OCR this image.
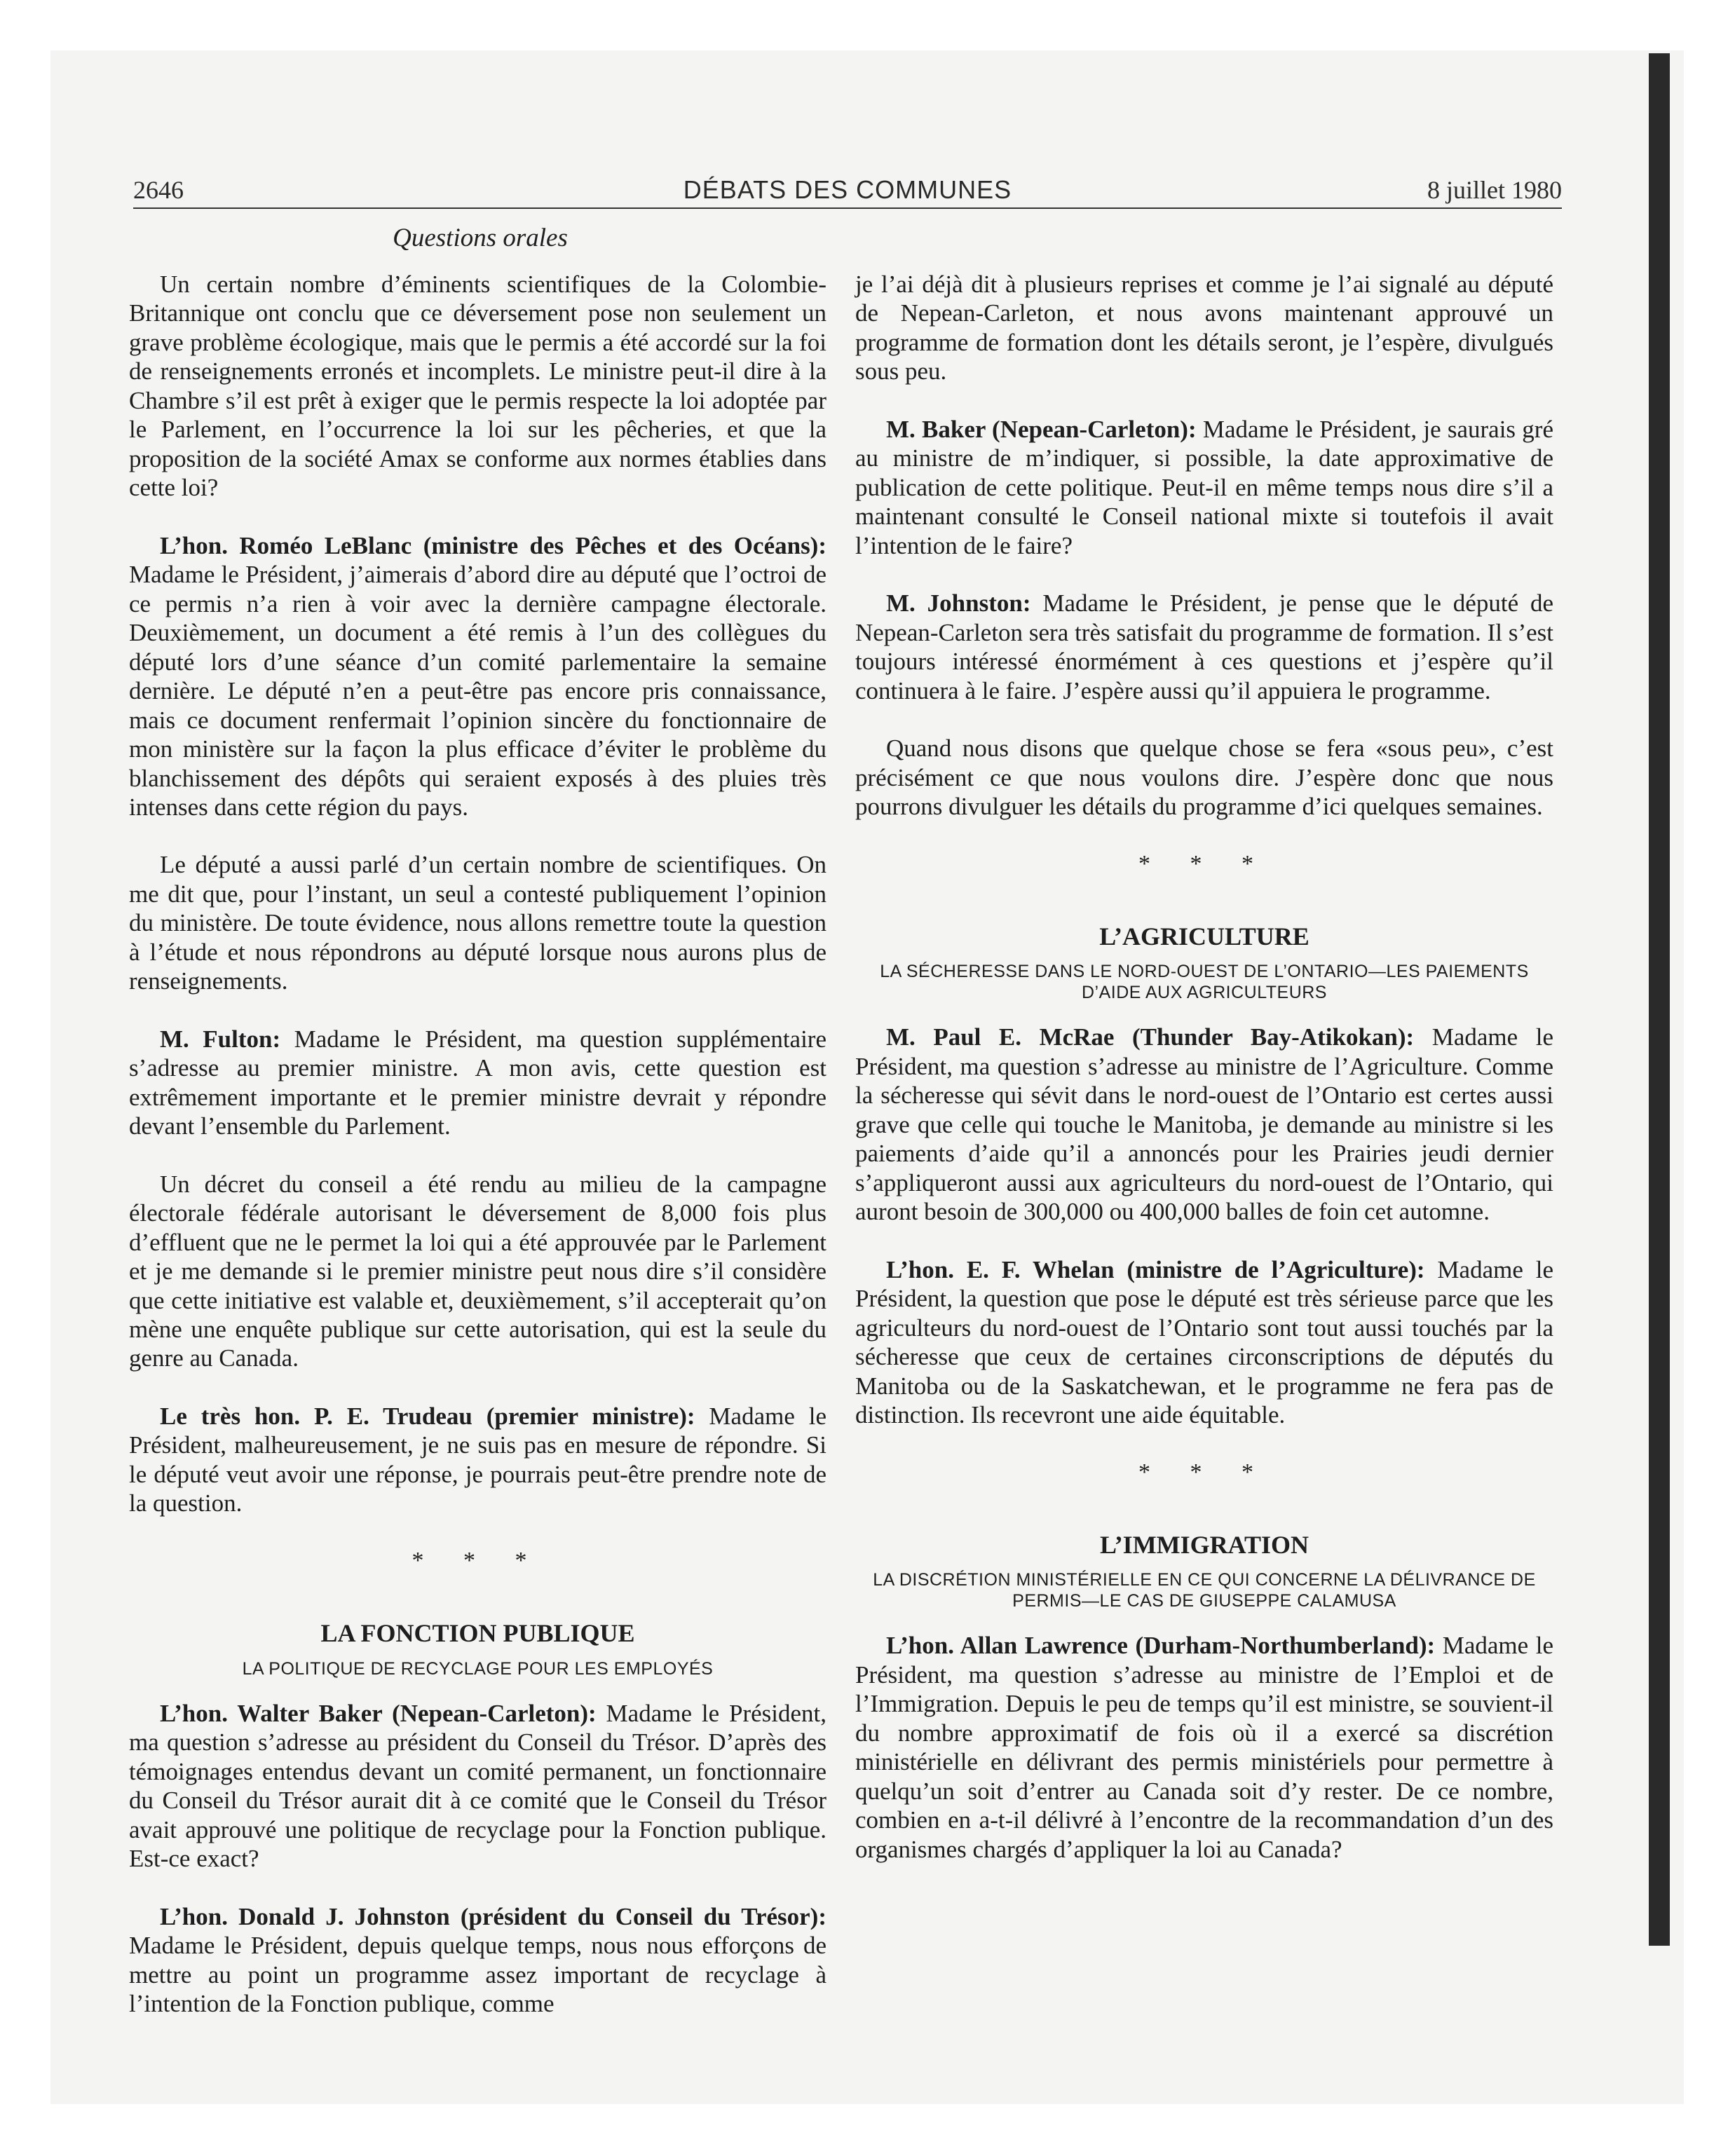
2646	DÉBATS DES COMMUNES	8 juillet 1980
Questions orales

Un certain nombre d’éminents scientifiques de la Colombie-Britannique ont conclu que ce déversement pose non seulement un grave problème écologique, mais que le permis a été accordé sur la foi de renseignements erronés et incomplets. Le ministre peut-il dire à la Chambre s’il est prêt à exiger que le permis respecte la loi adoptée par le Parlement, en l’occurrence la loi sur les pêcheries, et que la proposition de la société Amax se conforme aux normes établies dans cette loi?

L’hon. Roméo LeBlanc (ministre des Pêches et des Océans): Madame le Président, j’aimerais d’abord dire au député que l’octroi de ce permis n’a rien à voir avec la dernière campagne électorale. Deuxièmement, un document a été remis à l’un des collègues du député lors d’une séance d’un comité parlementaire la semaine dernière. Le député n’en a peut-être pas encore pris connaissance, mais ce document renfermait l’opinion sincère du fonctionnaire de mon ministère sur la façon la plus efficace d’éviter le problème du blanchissement des dépôts qui seraient exposés à des pluies très intenses dans cette région du pays.

Le député a aussi parlé d’un certain nombre de scientifiques. On me dit que, pour l’instant, un seul a contesté publiquement l’opinion du ministère. De toute évidence, nous allons remettre toute la question à l’étude et nous répondrons au député lorsque nous aurons plus de renseignements.

M. Fulton: Madame le Président, ma question supplémentaire s’adresse au premier ministre. A mon avis, cette question est extrêmement importante et le premier ministre devrait y répondre devant l’ensemble du Parlement.

Un décret du conseil a été rendu au milieu de la campagne électorale fédérale autorisant le déversement de 8,000 fois plus d’effluent que ne le permet la loi qui a été approuvée par le Parlement et je me demande si le premier ministre peut nous dire s’il considère que cette initiative est valable et, deuxièmement, s’il accepterait qu’on mène une enquête publique sur cette autorisation, qui est la seule du genre au Canada.

Le très hon. P. E. Trudeau (premier ministre): Madame le Président, malheureusement, je ne suis pas en mesure de répondre. Si le député veut avoir une réponse, je pourrais peut-être prendre note de la question.

* * *
LA FONCTION PUBLIQUE
LA POLITIQUE DE RECYCLAGE POUR LES EMPLOYÉS

L’hon. Walter Baker (Nepean-Carleton): Madame le Président, ma question s’adresse au président du Conseil du Trésor. D’après des témoignages entendus devant un comité permanent, un fonctionnaire du Conseil du Trésor aurait dit à ce comité que le Conseil du Trésor avait approuvé une politique de recyclage pour la Fonction publique. Est-ce exact?

L’hon. Donald J. Johnston (président du Conseil du Trésor): Madame le Président, depuis quelque temps, nous nous efforçons de mettre au point un programme assez important de recyclage à l’intention de la Fonction publique, comme

je l’ai déjà dit à plusieurs reprises et comme je l’ai signalé au député de Nepean-Carleton, et nous avons maintenant approuvé un programme de formation dont les détails seront, je l’espère, divulgués sous peu.

M. Baker (Nepean-Carleton): Madame le Président, je saurais gré au ministre de m’indiquer, si possible, la date approximative de publication de cette politique. Peut-il en même temps nous dire s’il a maintenant consulté le Conseil national mixte si toutefois il avait l’intention de le faire?

M. Johnston: Madame le Président, je pense que le député de Nepean-Carleton sera très satisfait du programme de formation. Il s’est toujours intéressé énormément à ces questions et j’espère qu’il continuera à le faire. J’espère aussi qu’il appuiera le programme.

Quand nous disons que quelque chose se fera «sous peu», c’est précisément ce que nous voulons dire. J’espère donc que nous pourrons divulguer les détails du programme d’ici quelques semaines.

* * *
L’AGRICULTURE
LA SÉCHERESSE DANS LE NORD-OUEST DE L’ONTARIO—LES PAIEMENTS D’AIDE AUX AGRICULTEURS

M. Paul E. McRae (Thunder Bay-Atikokan): Madame le Président, ma question s’adresse au ministre de l’Agriculture. Comme la sécheresse qui sévit dans le nord-ouest de l’Ontario est certes aussi grave que celle qui touche le Manitoba, je demande au ministre si les paiements d’aide qu’il a annoncés pour les Prairies jeudi dernier s’appliqueront aussi aux agriculteurs du nord-ouest de l’Ontario, qui auront besoin de 300,000 ou 400,000 balles de foin cet automne.

L’hon. E. F. Whelan (ministre de l’Agriculture): Madame le Président, la question que pose le député est très sérieuse parce que les agriculteurs du nord-ouest de l’Ontario sont tout aussi touchés par la sécheresse que ceux de certaines circonscriptions de députés du Manitoba ou de la Saskatchewan, et le programme ne fera pas de distinction. Ils recevront une aide équitable.

* * *
L’IMMIGRATION
LA DISCRÉTION MINISTÉRIELLE EN CE QUI CONCERNE LA DÉLIVRANCE DE PERMIS—LE CAS DE GIUSEPPE CALAMUSA

L’hon. Allan Lawrence (Durham-Northumberland): Madame le Président, ma question s’adresse au ministre de l’Emploi et de l’Immigration. Depuis le peu de temps qu’il est ministre, se souvient-il du nombre approximatif de fois où il a exercé sa discrétion ministérielle en délivrant des permis ministériels pour permettre à quelqu’un soit d’entrer au Canada soit d’y rester. De ce nombre, combien en a-t-il délivré à l’encontre de la recommandation d’un des organismes chargés d’appliquer la loi au Canada?
